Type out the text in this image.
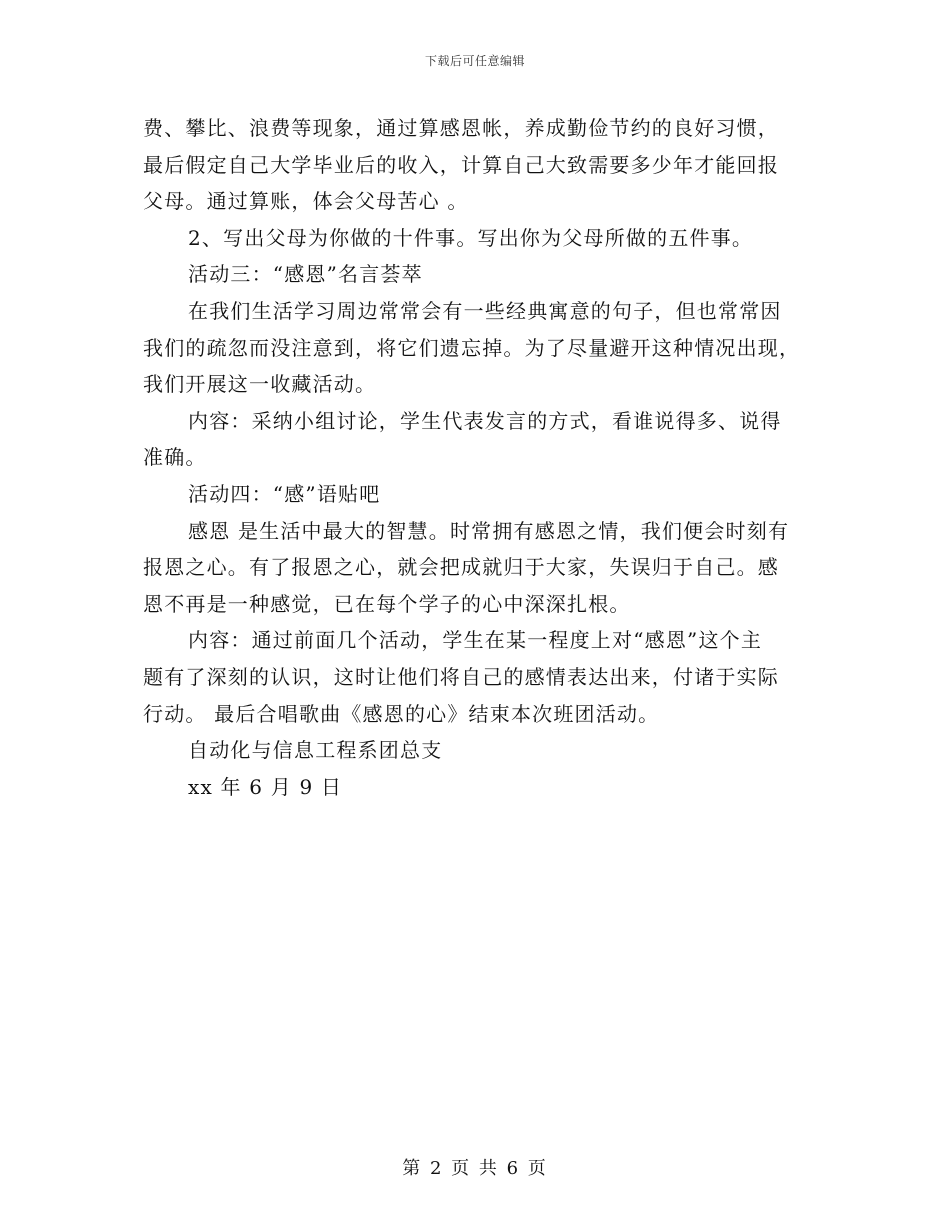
下载后可任意编辑
费、攀比、浪费等现象，通过算感恩帐，养成勤俭节约的良好习惯，
最后假定自己大学毕业后的收入，计算自己大致需要多少年才能回报
父母。通过算账，体会父母苦心 。
2、写出父母为你做的十件事。写出你为父母所做的五件事。
活动三：“感恩”名言荟萃
在我们生活学习周边常常会有一些经典寓意的句子，但也常常因
我们的疏忽而没注意到，将它们遗忘掉。为了尽量避开这种情况出现，
我们开展这一收藏活动。
内容：采纳小组讨论，学生代表发言的方式，看谁说得多、说得
准确。
活动四：“感”语贴吧
感恩 是生活中最大的智慧。时常拥有感恩之情，我们便会时刻有
报恩之心。有了报恩之心，就会把成就归于大家，失误归于自己。感
恩不再是一种感觉，已在每个学子的心中深深扎根。
内容：通过前面几个活动，学生在某一程度上对“感恩”这个主
题有了深刻的认识，这时让他们将自己的感情表达出来，付诸于实际
行动。 最后合唱歌曲《感恩的心》结束本次班团活动。
自动化与信息工程系团总支
xx 年 6 月 9 日
第 2 页 共 6 页
